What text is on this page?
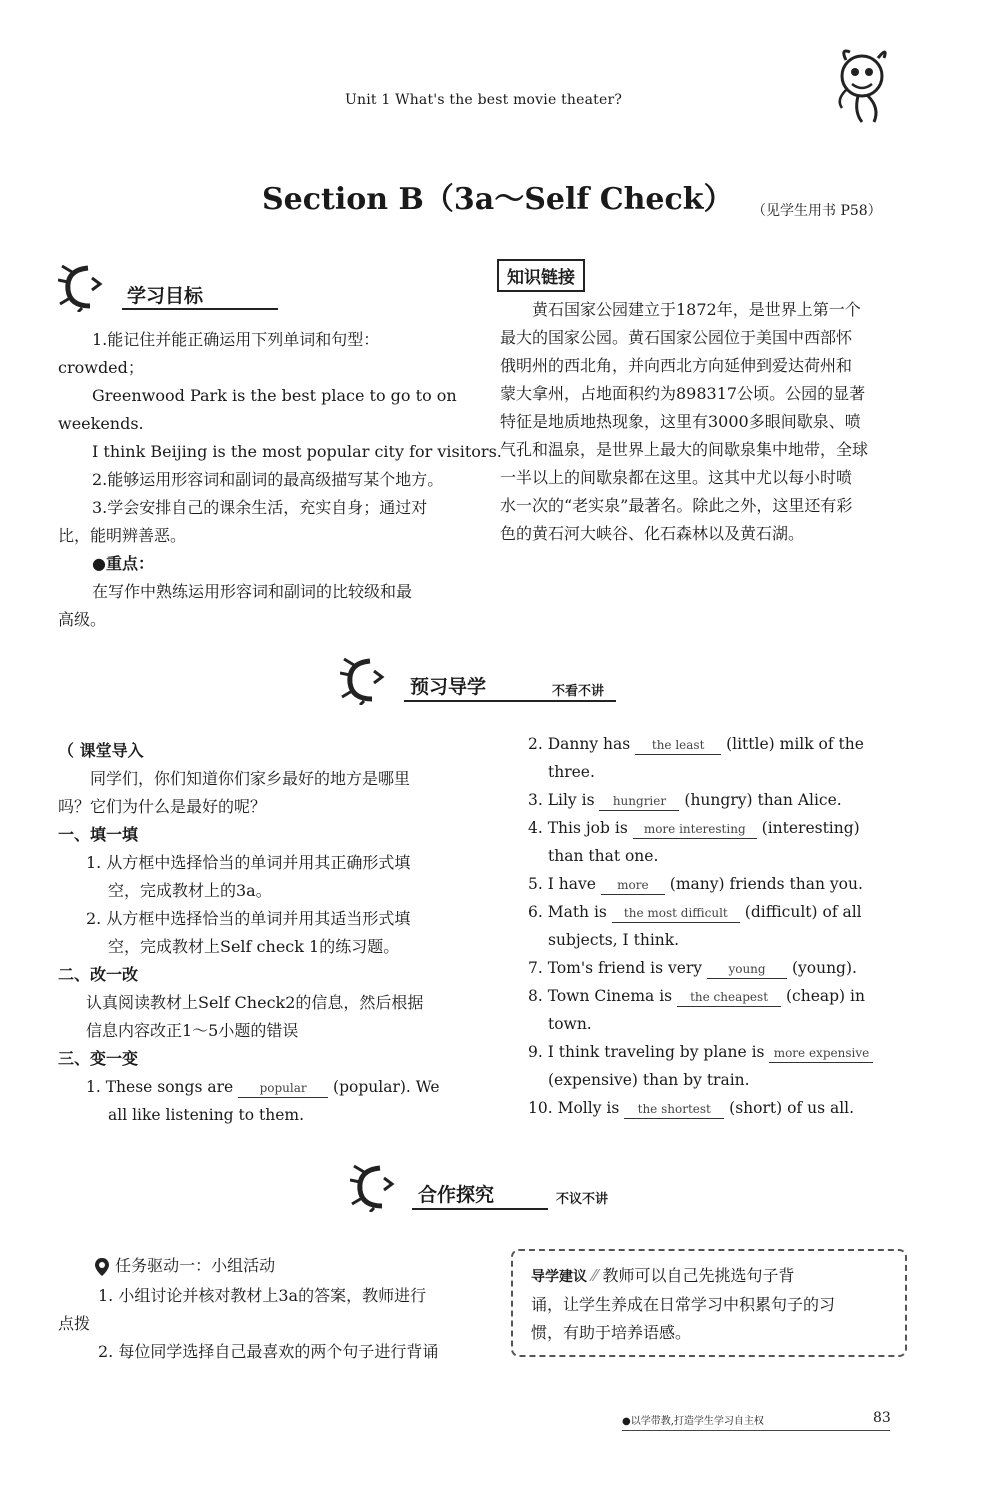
Unit 1 What's the best movie theater?
Section B（3a～Self Check） （见学生用书 P58）
学习目标
1.能记住并能正确运用下列单词和句型：
crowded；
Greenwood Park is the best place to go to on
weekends.
I think Beijing is the most popular city for visitors.
2.能够运用形容词和副词的最高级描写某个地方。
3.学会安排自己的课余生活，充实自身；通过对
比，能明辨善恶。
●重点：
在写作中熟练运用形容词和副词的比较级和最
高级。
知识链接
黄石国家公园建立于1872年，是世界上第一个
最大的国家公园。黄石国家公园位于美国中西部怀
俄明州的西北角，并向西北方向延伸到爱达荷州和
蒙大拿州，占地面积约为898317公顷。公园的显著
特征是地质地热现象，这里有3000多眼间歇泉、喷
气孔和温泉，是世界上最大的间歇泉集中地带，全球
一半以上的间歇泉都在这里。这其中尤以每小时喷
水一次的“老实泉”最著名。除此之外，这里还有彩
色的黄石河大峡谷、化石森林以及黄石湖。
预习导学	不看不讲
（ 课堂导入
同学们，你们知道你们家乡最好的地方是哪里
吗？它们为什么是最好的呢？
一、填一填
1. 从方框中选择恰当的单词并用其正确形式填
空，完成教材上的3a。
2. 从方框中选择恰当的单词并用其适当形式填
空，完成教材上Self check 1的练习题。
二、改一改
认真阅读教材上Self Check2的信息，然后根据
信息内容改正1～5小题的错误
三、变一变
1. These songs are popular (popular). We
all like listening to them.
2. Danny has the least (little) milk of the
three.
3. Lily is hungrier (hungry) than Alice.
4. This job is more interesting (interesting)
than that one.
5. I have more (many) friends than you.
6. Math is the most difficult (difficult) of all
subjects, I think.
7. Tom's friend is very young (young).
8. Town Cinema is the cheapest (cheap) in
town.
9. I think traveling by plane is more expensive
(expensive) than by train.
10. Molly is the shortest (short) of us all.
合作探究	不议不讲
任务驱动一：小组活动
1. 小组讨论并核对教材上3a的答案，教师进行
点拨
2. 每位同学选择自己最喜欢的两个句子进行背诵
导学建议 ⁄⁄ 教师可以自己先挑选句子背
诵，让学生养成在日常学习中积累句子的习
惯，有助于培养语感。
●以学带教,打造学生学习自主权	83
